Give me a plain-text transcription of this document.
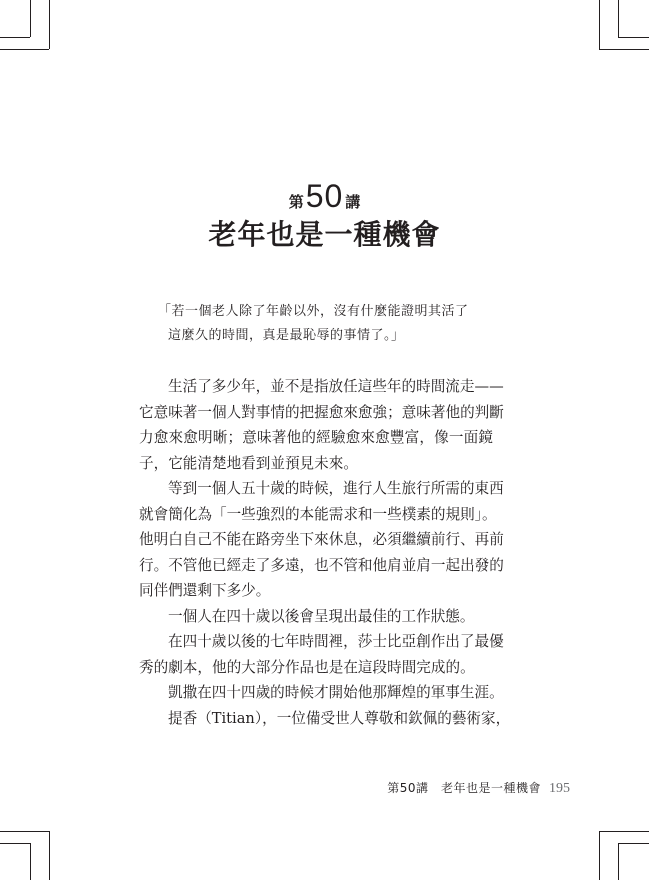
第50 講
老年也是一種機會
「若一個老人除了年齡以外，沒有什麼能證明其活了
這麼久的時間，真是最恥辱的事情了。」
生活了多少年，並不是指放任這些年的時間流走——
它意味著一個人對事情的把握愈來愈強；意味著他的判斷
力愈來愈明晰；意味著他的經驗愈來愈豐富，像一面鏡
子，它能清楚地看到並預見未來。
等到一個人五十歲的時候，進行人生旅行所需的東西
就會簡化為「一些強烈的本能需求和一些樸素的規則」。
他明白自己不能在路旁坐下來休息，必須繼續前行、再前
行。不管他已經走了多遠，也不管和他肩並肩一起出發的
同伴們還剩下多少。
一個人在四十歲以後會呈現出最佳的工作狀態。
在四十歲以後的七年時間裡，莎士比亞創作出了最優
秀的劇本，他的大部分作品也是在這段時間完成的。
凱撒在四十四歲的時候才開始他那輝煌的軍事生涯。
提香（Titian），一位備受世人尊敬和欽佩的藝術家，
第50講　老年也是一種機會 195
